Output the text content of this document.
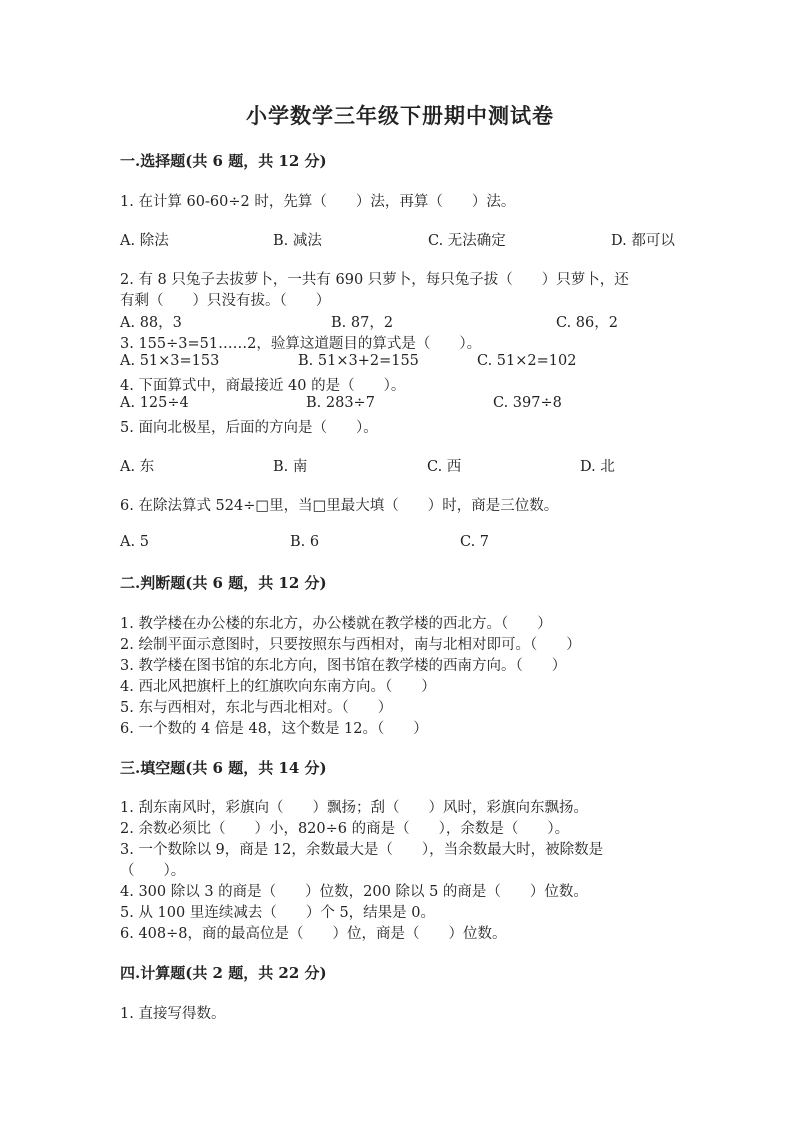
小学数学三年级下册期中测试卷
一.选择题(共 6 题，共 12 分)
1. 在计算 60-60÷2 时，先算（　　）法，再算（　　）法。
A. 除法	B. 减法	C. 无法确定	D. 都可以
2. 有 8 只兔子去拔萝卜，一共有 690 只萝卜，每只兔子拔（　　）只萝卜，还
有剩（　　）只没有拔。（　　）
A. 88，3	B. 87，2	C. 86，2
3. 155÷3=51……2，验算这道题目的算式是（　　）。
A. 51×3=153	B. 51×3+2=155	C. 51×2=102
4. 下面算式中，商最接近 40 的是（　　）。
A. 125÷4	B. 283÷7	C. 397÷8
5. 面向北极星，后面的方向是（　　）。
A. 东	B. 南	C. 西	D. 北
6. 在除法算式 524÷□里，当□里最大填（　　）时，商是三位数。
A. 5	B. 6	C. 7
二.判断题(共 6 题，共 12 分)
1. 教学楼在办公楼的东北方，办公楼就在教学楼的西北方。（　　）
2. 绘制平面示意图时，只要按照东与西相对，南与北相对即可。（　　）
3. 教学楼在图书馆的东北方向，图书馆在教学楼的西南方向。（　　）
4. 西北风把旗杆上的红旗吹向东南方向。（　　）
5. 东与西相对，东北与西北相对。（　　）
6. 一个数的 4 倍是 48，这个数是 12。（　　）
三.填空题(共 6 题，共 14 分)
1. 刮东南风时，彩旗向（　　）飘扬；刮（　　）风时，彩旗向东飘扬。
2. 余数必须比（　　）小，820÷6 的商是（　　），余数是（　　）。
3. 一个数除以 9，商是 12，余数最大是（　　），当余数最大时，被除数是
（　　）。
4. 300 除以 3 的商是（　　）位数，200 除以 5 的商是（　　）位数。
5. 从 100 里连续减去（　　）个 5，结果是 0。
6. 408÷8，商的最高位是（　　）位，商是（　　）位数。
四.计算题(共 2 题，共 22 分)
1. 直接写得数。
